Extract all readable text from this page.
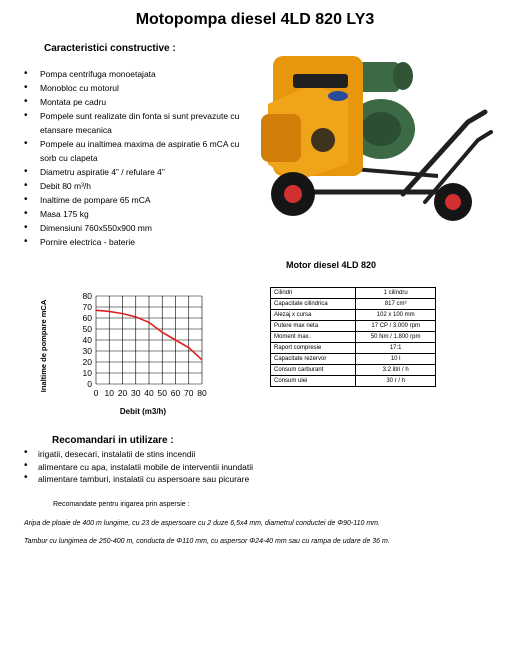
Motopompa diesel 4LD 820 LY3
Caracteristici constructive :
• Pompa centrifuga monoetajata
• Monobloc cu motorul
• Montata pe cadru
• Pompele sunt realizate din fonta si sunt prevazute cu etansare mecanica
• Pompele au inaltimea maxima de aspiratie 6 mCA cu sorb cu clapeta
• Diametru aspiratie 4” / refulare 4”
• Debit 80 m³/h
• Inaltime de pompare 65 mCA
• Masa 175 kg
• Dimensiuni 760x550x900 mm
• Pornire electrica - baterie
Motor diesel 4LD 820
Cilindri	1 cilindru
Capacitate cilindrica	817 cm³
Alezaj x cursa	102 x 100 mm
Putere max neta	17 CP / 3.000 rpm
Moment max.	50 Nm / 1.800 rpm
Raport compresie	17:1
Capacitate rezervor	10 l
Consum carburant	3.2 litri / h
Consum ulei	30 r / h
Inaltime de pompare mCA
Debit (m3/h)
80
70
60
50
40
30
20
10
0
0 10 20 30 40 50 60 70 80
Recomandari in utilizare :
• irigatii, desecari, instalatii de stins incendii
• alimentare cu apa, instalatii mobile de interventii inundatii
• alimentare tamburi, instalatii cu aspersoare sau picurare
Recomandate pentru irigarea prin aspersie :
Aripa de ploaie de 400 m lungime, cu 23 de aspersoare cu 2 duze 6,5x4 mm, diametrul conductei de Φ90-110 mm.
Tambur cu lungimea de 250-400 m, conducta de Φ110 mm, cu aspersor Φ24-40 mm sau cu rampa de udare de 36 m.
